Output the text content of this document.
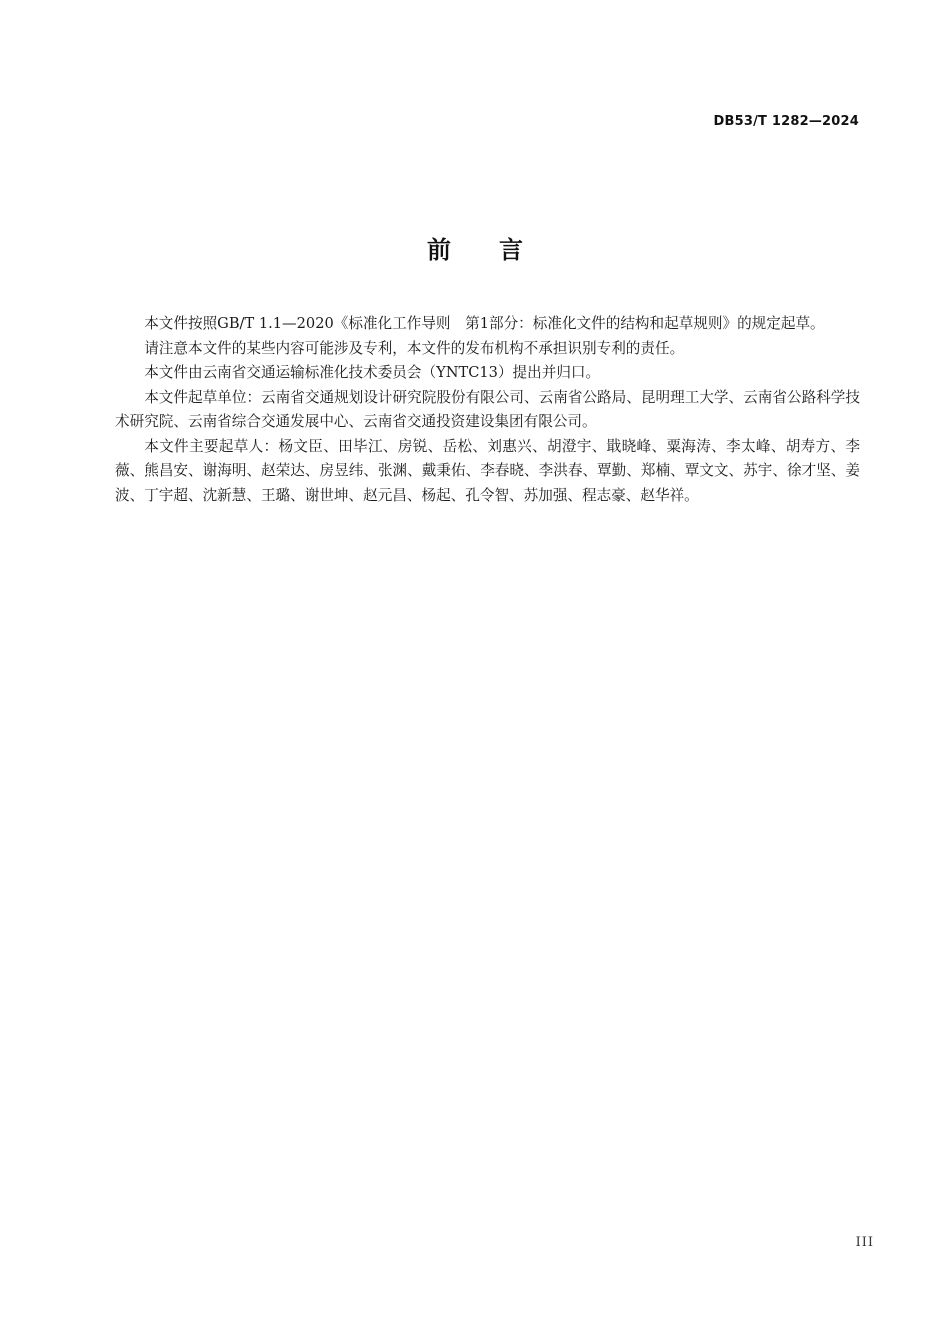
DB53/T 1282—2024
前 言

本文件按照GB/T 1.1—2020《标准化工作导则　第1部分：标准化文件的结构和起草规则》的规定起草。

请注意本文件的某些内容可能涉及专利，本文件的发布机构不承担识别专利的责任。

本文件由云南省交通运输标准化技术委员会（YNTC13）提出并归口。

本文件起草单位：云南省交通规划设计研究院股份有限公司、云南省公路局、昆明理工大学、云南省公路科学技术研究院、云南省综合交通发展中心、云南省交通投资建设集团有限公司。

本文件主要起草人：杨文臣、田毕江、房锐、岳松、刘惠兴、胡澄宇、戢晓峰、粟海涛、李太峰、胡寿方、李薇、熊昌安、谢海明、赵荣达、房昱纬、张渊、戴秉佑、李春晓、李洪春、覃勤、郑楠、覃文文、苏宇、徐才坚、姜波、丁宇超、沈新慧、王璐、谢世坤、赵元昌、杨起、孔令智、苏加强、程志豪、赵华祥。

III
